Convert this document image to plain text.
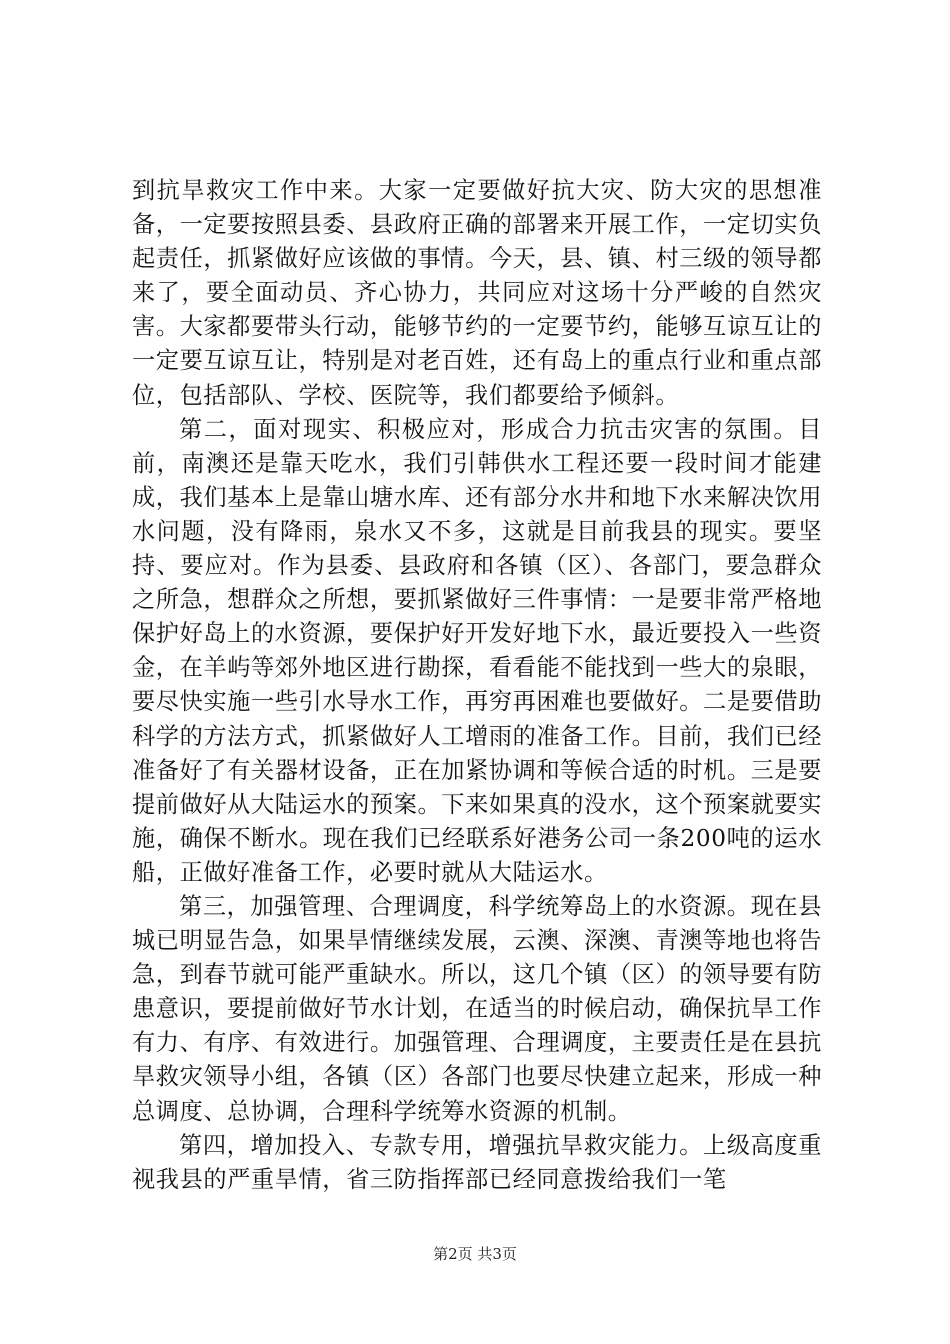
到抗旱救灾工作中来。大家一定要做好抗大灾、防大灾的思想准备，一定要按照县委、县政府正确的部署来开展工作，一定切实负起责任，抓紧做好应该做的事情。今天，县、镇、村三级的领导都来了，要全面动员、齐心协力，共同应对这场十分严峻的自然灾害。大家都要带头行动，能够节约的一定要节约，能够互谅互让的一定要互谅互让，特别是对老百姓，还有岛上的重点行业和重点部位，包括部队、学校、医院等，我们都要给予倾斜。

第二，面对现实、积极应对，形成合力抗击灾害的氛围。目前，南澳还是靠天吃水，我们引韩供水工程还要一段时间才能建成，我们基本上是靠山塘水库、还有部分水井和地下水来解决饮用水问题，没有降雨，泉水又不多，这就是目前我县的现实。要坚持、要应对。作为县委、县政府和各镇（区）、各部门，要急群众之所急，想群众之所想，要抓紧做好三件事情：一是要非常严格地保护好岛上的水资源，要保护好开发好地下水，最近要投入一些资金，在羊屿等郊外地区进行勘探，看看能不能找到一些大的泉眼，要尽快实施一些引水导水工作，再穷再困难也要做好。二是要借助科学的方法方式，抓紧做好人工增雨的准备工作。目前，我们已经准备好了有关器材设备，正在加紧协调和等候合适的时机。三是要提前做好从大陆运水的预案。下来如果真的没水，这个预案就要实施，确保不断水。现在我们已经联系好港务公司一条200吨的运水船，正做好准备工作，必要时就从大陆运水。

第三，加强管理、合理调度，科学统筹岛上的水资源。现在县城已明显告急，如果旱情继续发展，云澳、深澳、青澳等地也将告急，到春节就可能严重缺水。所以，这几个镇（区）的领导要有防患意识，要提前做好节水计划，在适当的时候启动，确保抗旱工作有力、有序、有效进行。加强管理、合理调度，主要责任是在县抗旱救灾领导小组，各镇（区）各部门也要尽快建立起来，形成一种总调度、总协调，合理科学统筹水资源的机制。

第四，增加投入、专款专用，增强抗旱救灾能力。上级高度重视我县的严重旱情，省三防指挥部已经同意拨给我们一笔

第2页 共3页
